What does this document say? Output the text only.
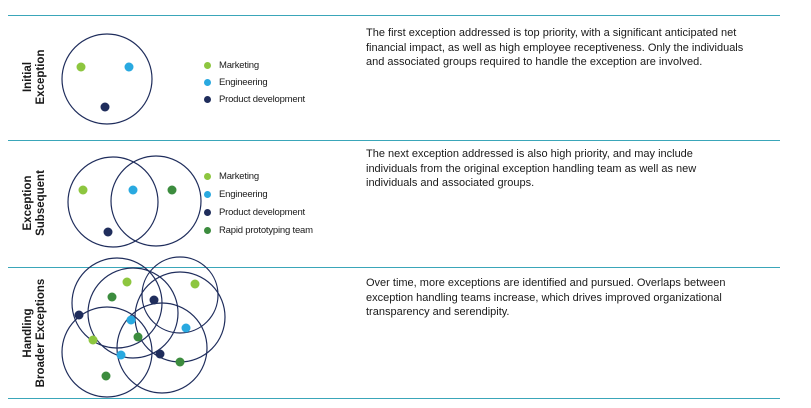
Initial Exception
Exception Subsequent
Handling Broader Exceptions
Marketing
Engineering
Product development
Marketing
Engineering
Product development
Rapid prototyping team
The first exception addressed is top priority, with a significant anticipated net financial impact, as well as high employee receptiveness. Only the individuals and associated groups required to handle the exception are involved.
The next exception addressed is also high priority, and may include individuals from the original exception handling team as well as new individuals and associated groups.
Over time, more exceptions are identified and pursued. Overlaps between exception handling teams increase, which drives improved organizational transparency and serendipity.
